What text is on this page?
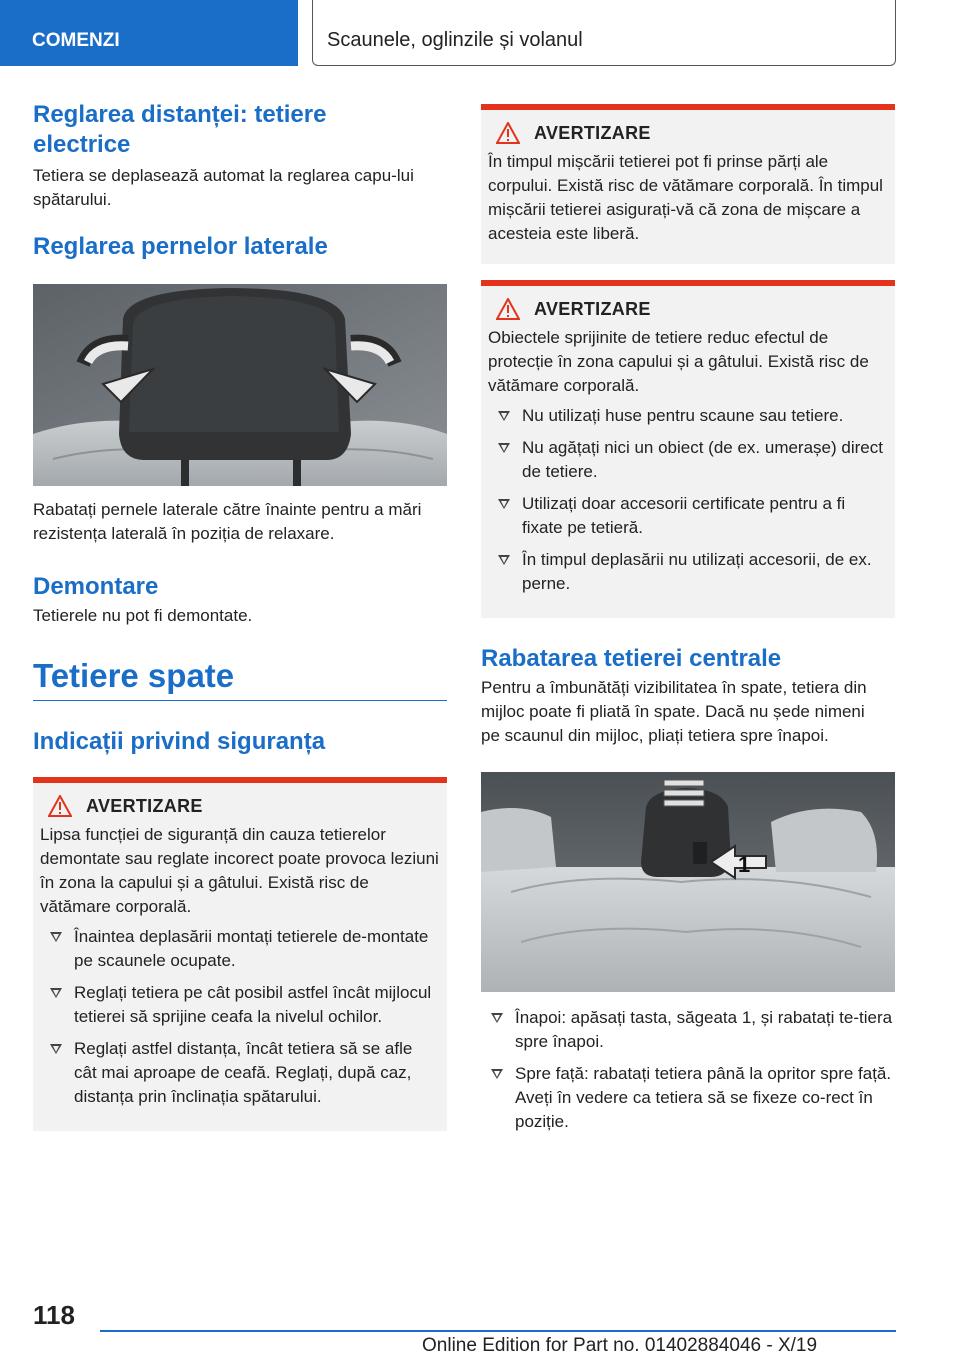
COMENZI	Scaunele, oglinzile și volanul
Reglarea distanței: tetiere electrice

Tetiera se deplasează automat la reglarea capu-lui spătarului.

Reglarea pernelor laterale

Rabatați pernele laterale către înainte pentru a mări rezistența laterală în poziția de relaxare.

Demontare

Tetierele nu pot fi demontate.

Tetiere spate
Indicații privind siguranța
AVERTIZARE

Lipsa funcției de siguranță din cauza tetierelor demontate sau reglate incorect poate provoca leziuni în zona la capului și a gâtului. Există risc de vătămare corporală.

Înaintea deplasării montați tetierele de-montate pe scaunele ocupate.
Reglați tetiera pe cât posibil astfel încât mijlocul tetierei să sprijine ceafa la nivelul ochilor.
Reglați astfel distanța, încât tetiera să se afle cât mai aproape de ceafă. Reglați, după caz, distanța prin înclinația spătarului.
AVERTIZARE

În timpul mișcării tetierei pot fi prinse părți ale corpului. Există risc de vătămare corporală. În timpul mișcării tetierei asigurați-vă că zona de mișcare a acesteia este liberă.

AVERTIZARE

Obiectele sprijinite de tetiere reduc efectul de protecție în zona capului și a gâtului. Există risc de vătămare corporală.

Nu utilizați huse pentru scaune sau tetiere.
Nu agățați nici un obiect (de ex. umerașe) direct de tetiere.
Utilizați doar accesorii certificate pentru a fi fixate pe tetieră.
În timpul deplasării nu utilizați accesorii, de ex. perne.
Rabatarea tetierei centrale

Pentru a îmbunătăți vizibilitatea în spate, tetiera din mijloc poate fi pliată în spate. Dacă nu șede nimeni pe scaunul din mijloc, pliați tetiera spre înapoi.

1
Înapoi: apăsați tasta, săgeata 1, și rabatați te-tiera spre înapoi.
Spre față: rabatați tetiera până la opritor spre față. Aveți în vedere ca tetiera să se fixeze co-rect în poziție.
118
Online Edition for Part no. 01402884046 - X/19
